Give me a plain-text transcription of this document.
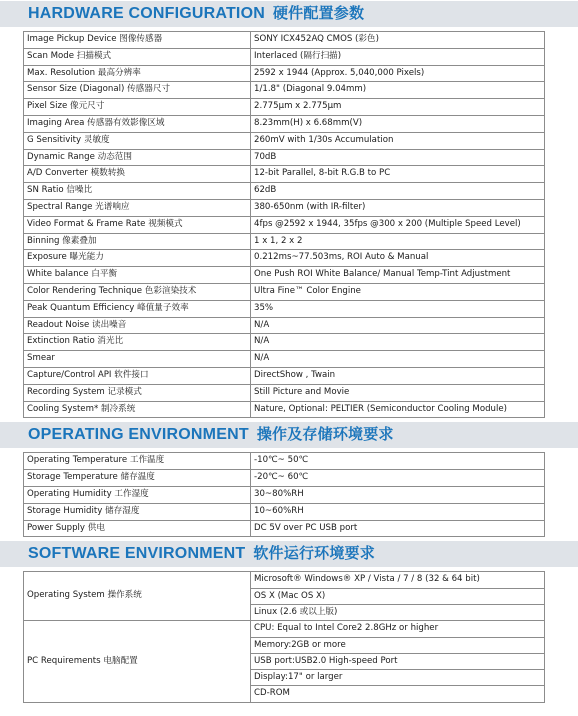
HARDWARE CONFIGURATION 硬件配置参数
Image Pickup Device 图像传感器	SONY ICX452AQ CMOS (彩色)
Scan Mode 扫描模式	Interlaced (隔行扫描)
Max. Resolution 最高分辨率	2592 x 1944 (Approx. 5,040,000 Pixels)
Sensor Size (Diagonal) 传感器尺寸	1/1.8" (Diagonal 9.04mm)
Pixel Size 像元尺寸	2.775μm x 2.775μm
Imaging Area 传感器有效影像区域	8.23mm(H) x 6.68mm(V)
G Sensitivity 灵敏度	260mV with 1/30s Accumulation
Dynamic Range 动态范围	70dB
A/D Converter 模数转换	12-bit Parallel, 8-bit R.G.B to PC
SN Ratio 信噪比	62dB
Spectral Range 光谱响应	380-650nm (with IR-filter)
Video Format & Frame Rate 视频模式	4fps @2592 x 1944, 35fps @300 x 200 (Multiple Speed Level)
Binning 像素叠加	1 x 1, 2 x 2
Exposure 曝光能力	0.212ms~77.503ms, ROI Auto & Manual
White balance 白平衡	One Push ROI White Balance/ Manual Temp-Tint Adjustment
Color Rendering Technique 色彩渲染技术	Ultra Fine™ Color Engine
Peak Quantum Efficiency 峰值量子效率	35%
Readout Noise 读出噪音	N/A
Extinction Ratio 消光比	N/A
Smear	N/A
Capture/Control API 软件接口	DirectShow , Twain
Recording System 记录模式	Still Picture and Movie
Cooling System* 制冷系统	Nature, Optional: PELTIER (Semiconductor Cooling Module)
OPERATING ENVIRONMENT 操作及存储环境要求
Operating Temperature 工作温度	-10℃~ 50℃
Storage Temperature 储存温度	-20℃~ 60℃
Operating Humidity 工作湿度	30~80%RH
Storage Humidity 储存湿度	10~60%RH
Power Supply 供电	DC 5V over PC USB port
SOFTWARE ENVIRONMENT 软件运行环境要求
Operating System 操作系统	Microsoft® Windows® XP / Vista / 7 / 8 (32 & 64 bit)
	OS X (Mac OS X)
	Linux (2.6 或以上版)
PC Requirements 电脑配置	CPU: Equal to Intel Core2 2.8GHz or higher
	Memory:2GB or more
	USB port:USB2.0 High-speed Port
	Display:17" or larger
	CD-ROM
